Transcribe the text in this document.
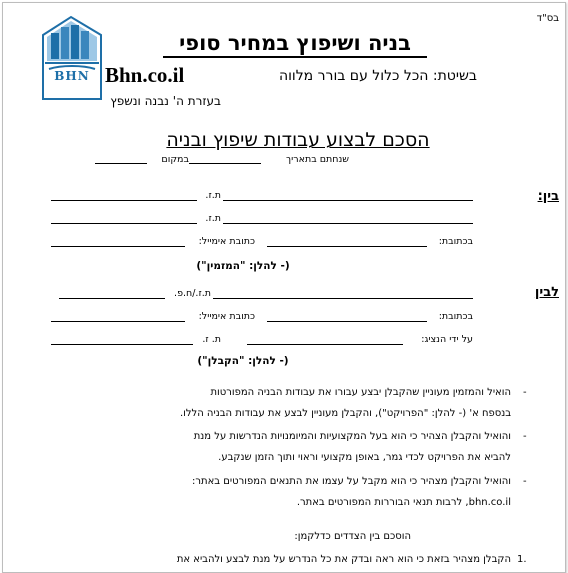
BHN
בס"ד
בניה ושיפוץ במחיר סופי
Bhn.co.il	בשיטת: הכל כלול עם בורר מלווה
בעזרת ה' נבנה ונשפץ
הסכם לבצוע עבודות שיפוץ ובניה
במקום	שנחתם בתאריך
בין:
ת.ז.
ת.ז.
כתובת אימייל:	בכתובת:
(- להלן: "המזמין")
לבין
ת.ז./ח.פ.
כתובת אימייל:	בכתובת:
ת. ז.	על ידי הנציג:
(- להלן: "הקבלן")
-
הואיל והמזמין מעוניין שהקבלן יבצע עבורו את עבודות הבניה המפורטות
בנספח א' (- להלן: "הפרויקט"), והקבלן מעוניין לבצע את עבודות הבניה הללו.
-
והואיל והקבלן הצהיר כי הוא בעל המקצועיות והמיומנויות הנדרשות על מנת
להביא את הפרויקט לכדי גמר, באופן מקצועי וראוי ותוך הזמן שנקבע.
-
והואיל והקבלן מצהיר כי הוא מקבל על עצמו את התנאים המפורטים באתר:
bhn.co.il, לרבות תנאי הבוררות המפורטים באתר.
הוסכם בין הצדדים כדלקמן:
1.
הקבלן מצהיר בזאת כי הוא ראה ובדק את כל הנדרש על מנת לבצע ולהביא את
